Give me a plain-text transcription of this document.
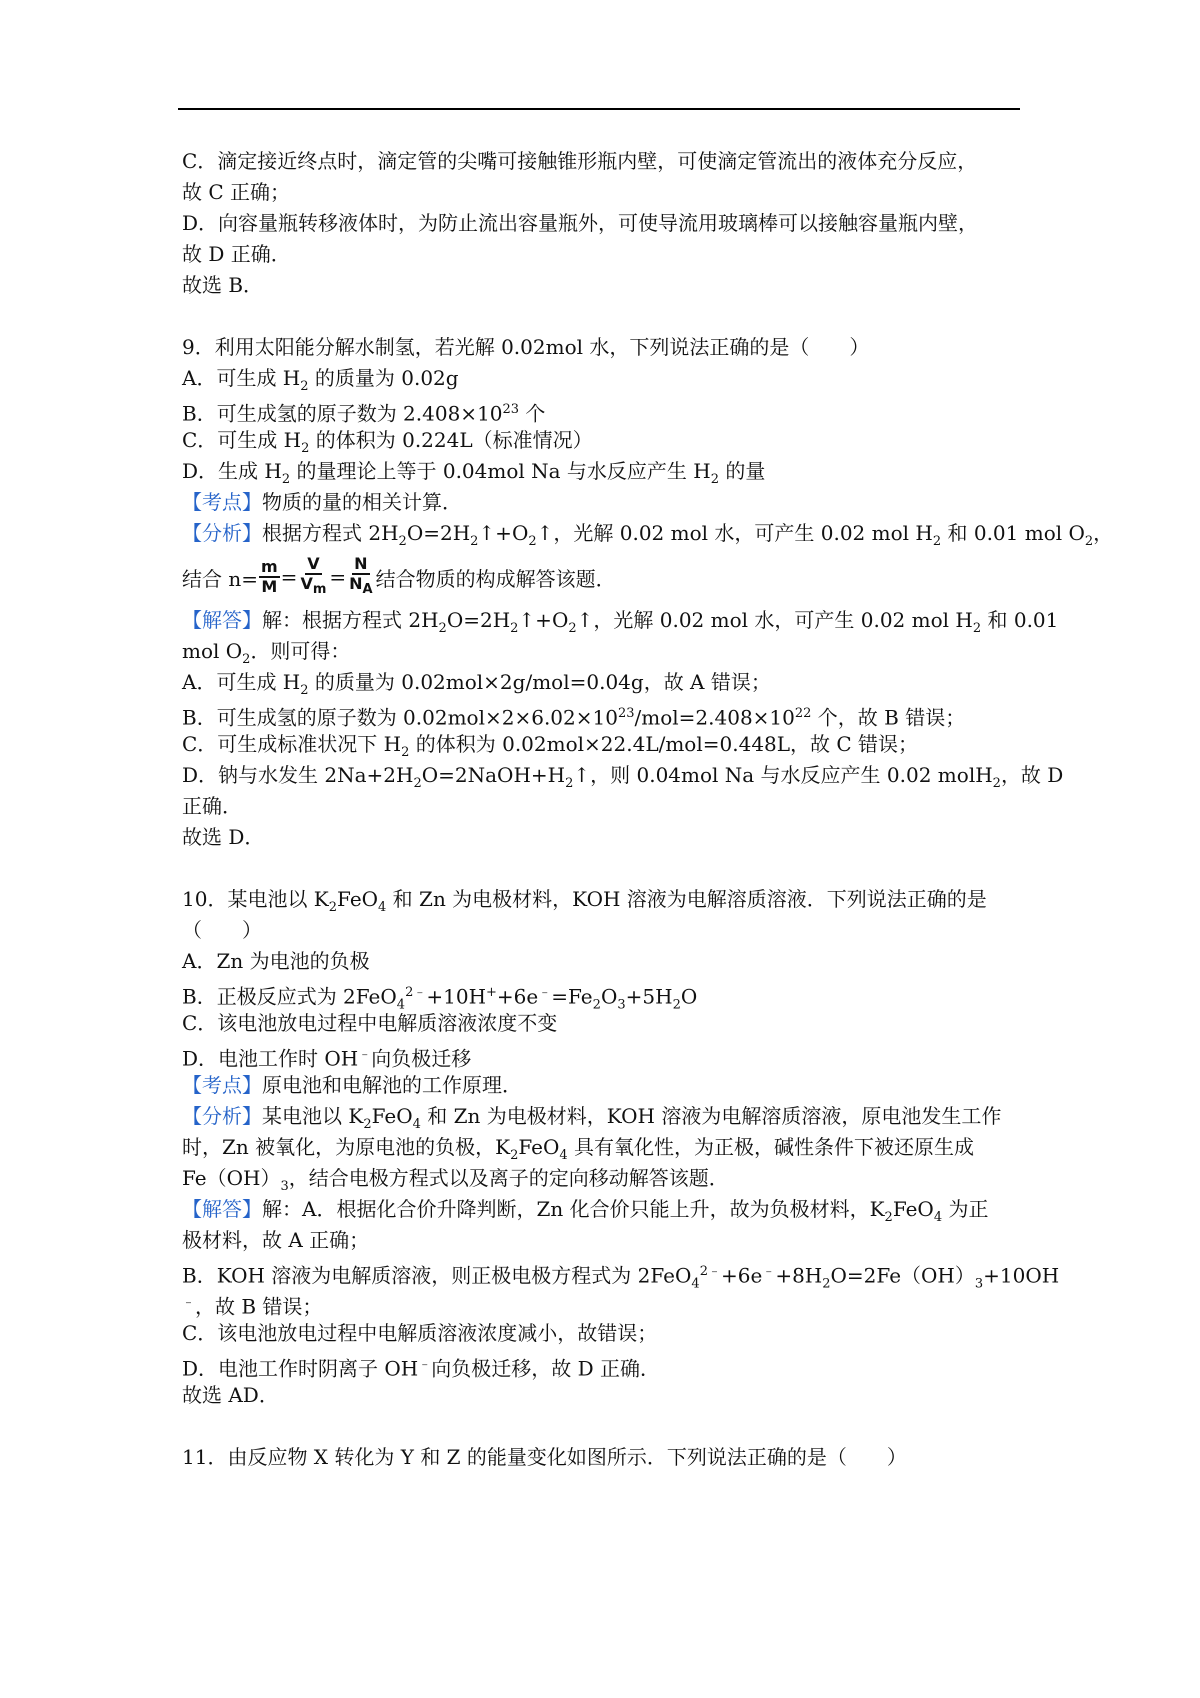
C．滴定接近终点时，滴定管的尖嘴可接触锥形瓶内壁，可使滴定管流出的液体充分反应，
故 C 正确；
D．向容量瓶转移液体时，为防止流出容量瓶外，可使导流用玻璃棒可以接触容量瓶内壁，
故 D 正确．
故选 B．
9．利用太阳能分解水制氢，若光解 0.02mol 水，下列说法正确的是（　　）
A．可生成 $H_2$ 的质量为 0.02g
B．可生成氢的原子数为 $2.408\times 10^{23}$ 个
C．可生成 $H_2$ 的体积为 0.224L（标准情况）
D．生成 $H_2$ 的量理论上等于 0.04mol Na 与水反应产生 $H_2$ 的量
【考点】物质的量的相关计算．
【分析】根据方程式 $2H_2O=2H_2↑+O_2↑$，光解 0.02 mol 水，可产生 0.02 mol $H_2$ 和 0.01 mol $O_2$，
结合 $n= \frac{m}{M} = \frac{V}{V_m} = \frac{N}{N_A}$ 结合物质的构成解答该题．
【解答】解：根据方程式 $2H_2O=2H_2↑+O_2↑$，光解 0.02 mol 水，可产生 0.02 mol $H_2$ 和 0.01
mol $O_2$．则可得：
A．可生成 $H_2$ 的质量为 0.02mol×2g/mol=0.04g，故 A 错误；
B．可生成氢的原子数为 $0.02mol\times 2\times 6.02\times 10^{23}/mol=2.408\times 10^{22}$ 个，故 B 错误；
C．可生成标准状况下 $H_2$ 的体积为 0.02mol×22.4L/mol=0.448L，故 C 错误；
D．钠与水发生 $2Na+2H_2O=2NaOH+H_2↑$，则 0.04mol Na 与水反应产生 0.02 molH$_2$，故 D
正确．
故选 D．
10．某电池以 $K_2FeO_4$ 和 Zn 为电极材料，KOH 溶液为电解溶质溶液．下列说法正确的是
（　　）
A．Zn 为电池的负极
B．正极反应式为 $2FeO_4^{2﹣}+10H^++6e^﹣=Fe_2O_3+5H_2O$
C．该电池放电过程中电解质溶液浓度不变
D．电池工作时 OH﹣向负极迁移
【考点】原电池和电解池的工作原理．
【分析】某电池以 $K_2FeO_4$ 和 Zn 为电极材料，KOH 溶液为电解溶质溶液，原电池发生工作
时，Zn 被氧化，为原电池的负极，$K_2FeO_4$ 具有氧化性，为正极，碱性条件下被还原生成
$Fe(OH)_3$，结合电极方程式以及离子的定向移动解答该题．
【解答】解：A．根据化合价升降判断，Zn 化合价只能上升，故为负极材料，$K_2FeO_4$ 为正
极材料，故 A 正确；
B．KOH 溶液为电解质溶液，则正极电极方程式为 $2FeO_4^{2﹣}+6e^﹣+8H_2O=2Fe(OH)_3+10OH$
﹣，故 B 错误；
C．该电池放电过程中电解质溶液浓度减小，故错误；
D．电池工作时阴离子 OH﹣向负极迁移，故 D 正确．
故选 AD．
11．由反应物 X 转化为 Y 和 Z 的能量变化如图所示．下列说法正确的是（　　）
